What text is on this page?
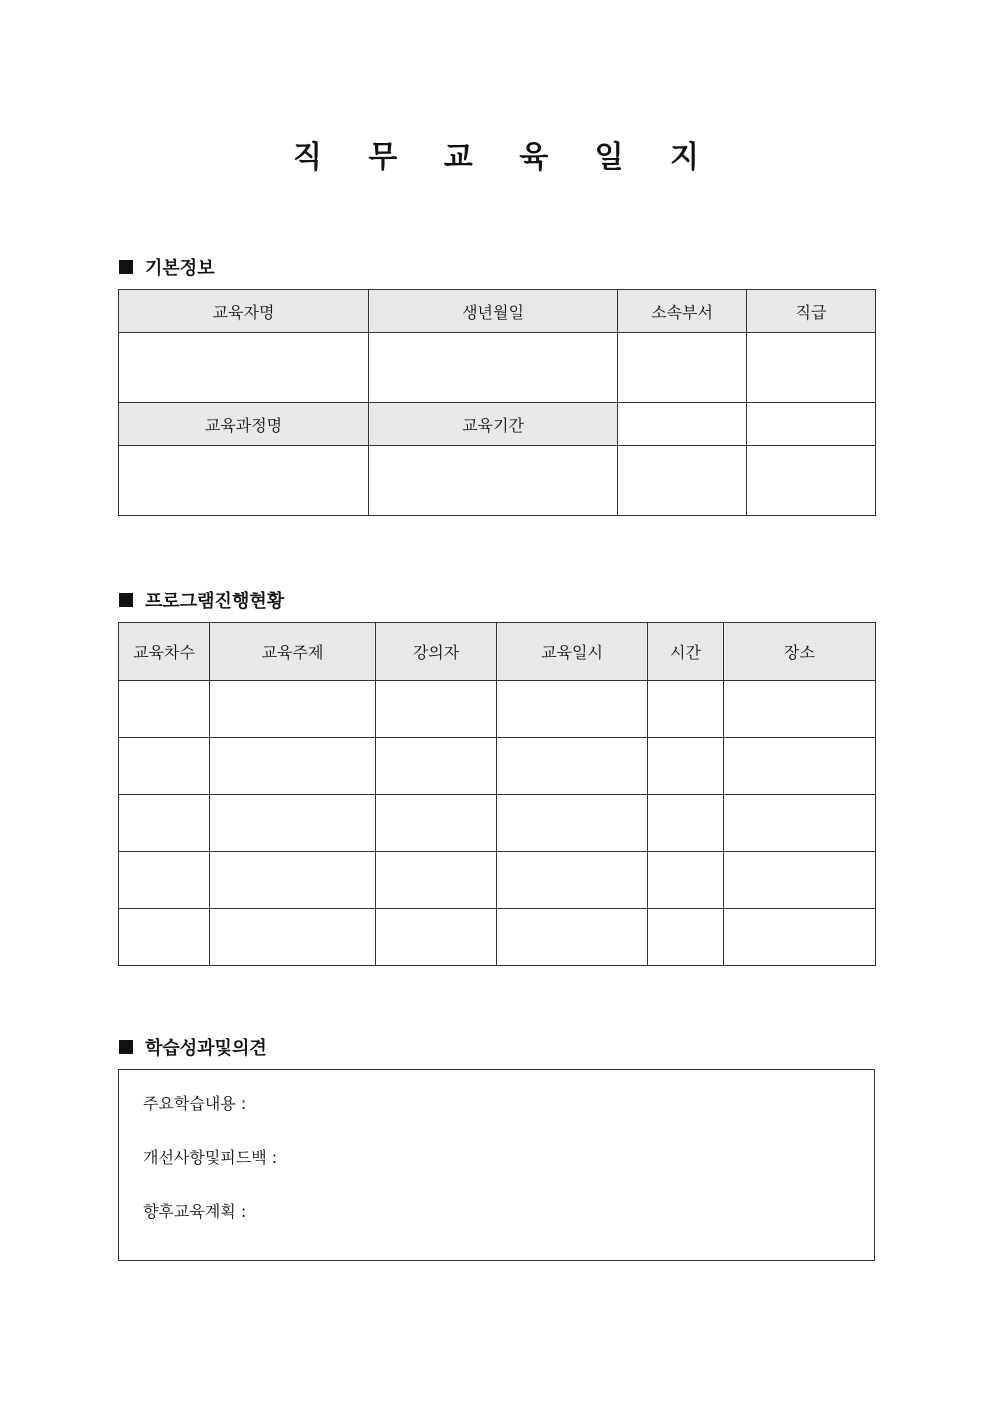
직 무 교 육 일 지
기본정보
교육자명	생년월일	소속부서	직급

교육과정명	교육기간		

프로그램진행현황
교육차수	교육주제	강의자	교육일시	시간	장소

학습성과및의견
주요학습내용 :
개선사항및피드백 :
향후교육계획 :
